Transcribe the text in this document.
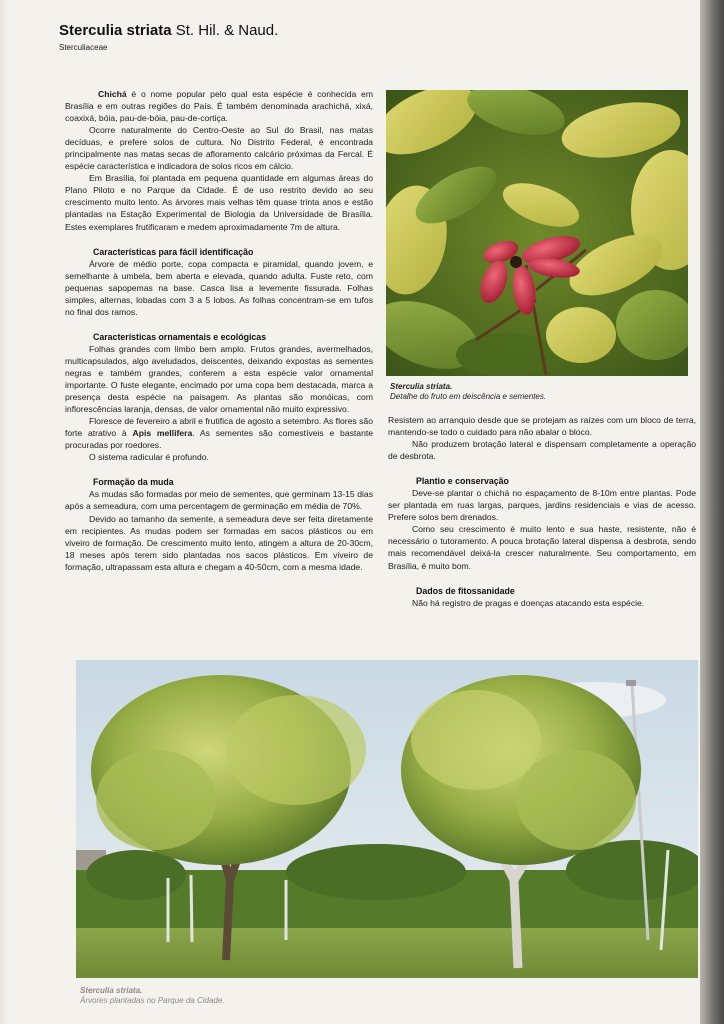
Sterculia striata St. Hil. & Naud.
Sterculiaceae

Chichá é o nome popular pelo qual esta espécie é conhecida em Brasília e em outras regiões do País. É também denominada arachichá, xixá, coaxixá, bóia, pau-de-bóia, pau-de-cortiça.

Ocorre naturalmente do Centro-Oeste ao Sul do Brasil, nas matas decíduas, e prefere solos de cultura. No Distrito Federal, é encontrada principalmente nas matas secas de afloramento calcário próximas da Fercal. É espécie característica e indicadora de solos ricos em cálcio.

Em Brasília, foi plantada em pequena quantidade em algumas áreas do Plano Piloto e no Parque da Cidade. É de uso restrito devido ao seu crescimento muito lento. As árvores mais velhas têm quase trinta anos e estão plantadas na Estação Experimental de Biologia da Universidade de Brasília. Estes exemplares frutificaram e medem aproximadamente 7m de altura.

Características para fácil identificação

Árvore de médio porte, copa compacta e piramidal, quando jovem, e semelhante à umbela, bem aberta e elevada, quando adulta. Fuste reto, com pequenas sapopemas na base. Casca lisa a levemente fissurada. Folhas simples, alternas, lobadas com 3 a 5 lobos. As folhas concentram-se em tufos no final dos ramos.

Características ornamentais e ecológicas

Folhas grandes com limbo bem amplo. Frutos grandes, avermelhados, multicapsulados, algo aveludados, deiscentes, deixando expostas as sementes negras e também grandes, conferem a esta espécie valor ornamental importante. O fuste elegante, encimado por uma copa bem destacada, marca a presença desta espécie na paisagem. As plantas são monóicas, com inflorescências laranja, densas, de valor ornamental não muito expressivo.

Floresce de fevereiro a abril e frutifica de agosto a setembro. As flores são forte atrativo à Apis mellifera. As sementes são comestíveis e bastante procuradas por roedores.

O sistema radicular é profundo.

Formação da muda

As mudas são formadas por meio de sementes, que germinam 13-15 dias após a semeadura, com uma percentagem de germinação em média de 70%.

Devido ao tamanho da semente, a semeadura deve ser feita diretamente em recipientes. As mudas podem ser formadas em sacos plásticos ou em viveiro de formação. De crescimento muito lento, atingem a altura de 20-30cm, 18 meses após terem sido plantadas nos sacos plásticos. Em viveiro de formação, ultrapassam esta altura e chegam a 40-50cm, com a mesma idade.

Sterculia striata.
Detalhe do fruto em deiscência e sementes.

Resistem ao arranquio desde que se protejam as raízes com um bloco de terra, mantendo-se todo o cuidado para não abalar o bloco.

Não produzem brotação lateral e dispensam completamente a operação de desbrota.

Plantio e conservação

Deve-se plantar o chichá no espaçamento de 8-10m entre plantas. Pode ser plantada em ruas largas, parques, jardins residenciais e vias de acesso. Prefere solos bem drenados.

Como seu crescimento é muito lento e sua haste, resistente, não é necessário o tutoramento. A pouca brotação lateral dispensa a desbrota, sendo mais recomendável deixá-la crescer naturalmente. Seu comportamento, em Brasília, é muito bom.

Dados de fitossanidade

Não há registro de pragas e doenças atacando esta espécie.

Sterculia striata.
Árvores plantadas no Parque da Cidade.
